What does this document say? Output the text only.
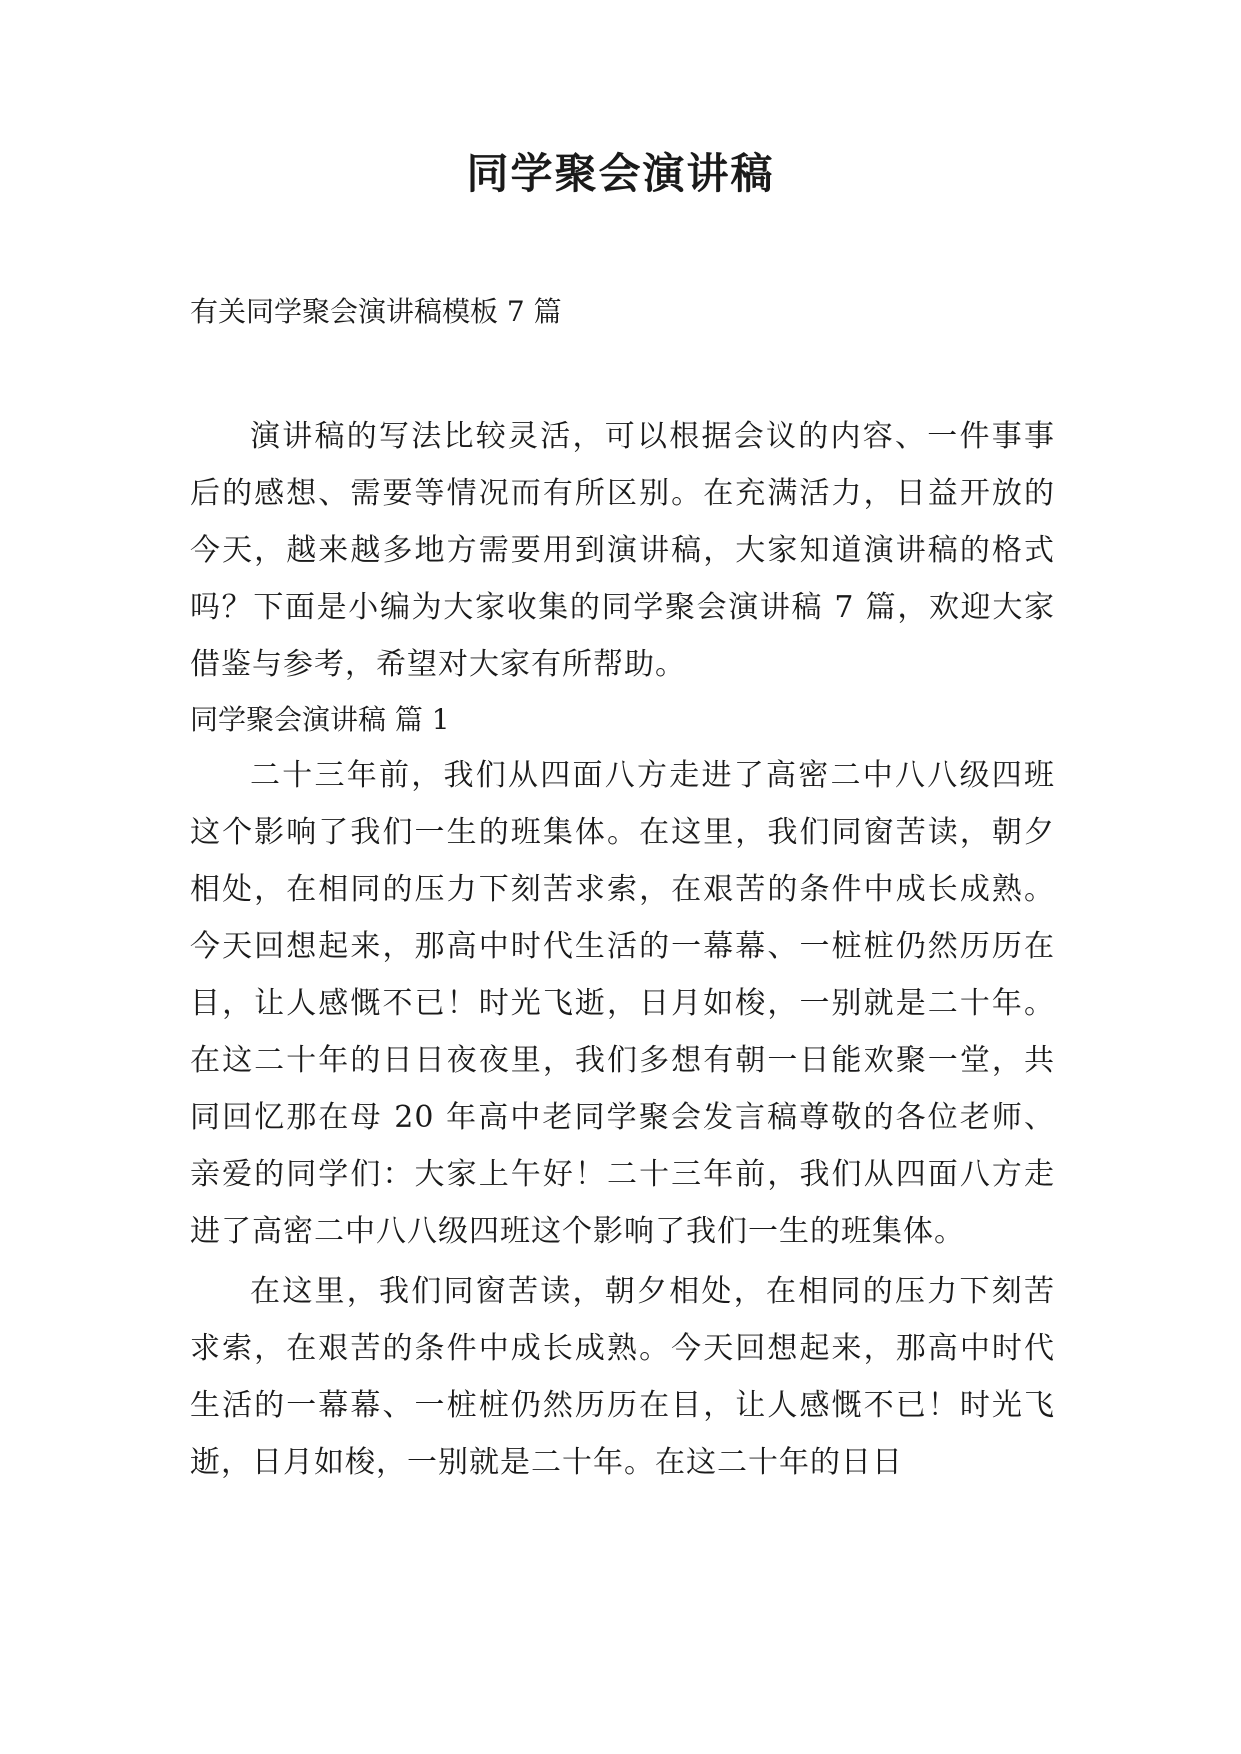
同学聚会演讲稿
有关同学聚会演讲稿模板 7 篇

演讲稿的写法比较灵活，可以根据会议的内容、一件事事后的感想、需要等情况而有所区别。在充满活力，日益开放的今天，越来越多地方需要用到演讲稿，大家知道演讲稿的格式吗？下面是小编为大家收集的同学聚会演讲稿 7 篇，欢迎大家借鉴与参考，希望对大家有所帮助。

同学聚会演讲稿 篇 1

二十三年前，我们从四面八方走进了高密二中八八级四班这个影响了我们一生的班集体。在这里，我们同窗苦读，朝夕相处，在相同的压力下刻苦求索，在艰苦的条件中成长成熟。今天回想起来，那高中时代生活的一幕幕、一桩桩仍然历历在目，让人感慨不已！时光飞逝，日月如梭，一别就是二十年。在这二十年的日日夜夜里，我们多想有朝一日能欢聚一堂，共同回忆那在母 20 年高中老同学聚会发言稿尊敬的各位老师、亲爱的同学们：大家上午好！二十三年前，我们从四面八方走进了高密二中八八级四班这个影响了我们一生的班集体。

在这里，我们同窗苦读，朝夕相处，在相同的压力下刻苦求索，在艰苦的条件中成长成熟。今天回想起来，那高中时代生活的一幕幕、一桩桩仍然历历在目，让人感慨不已！时光飞逝，日月如梭，一别就是二十年。在这二十年的日日
